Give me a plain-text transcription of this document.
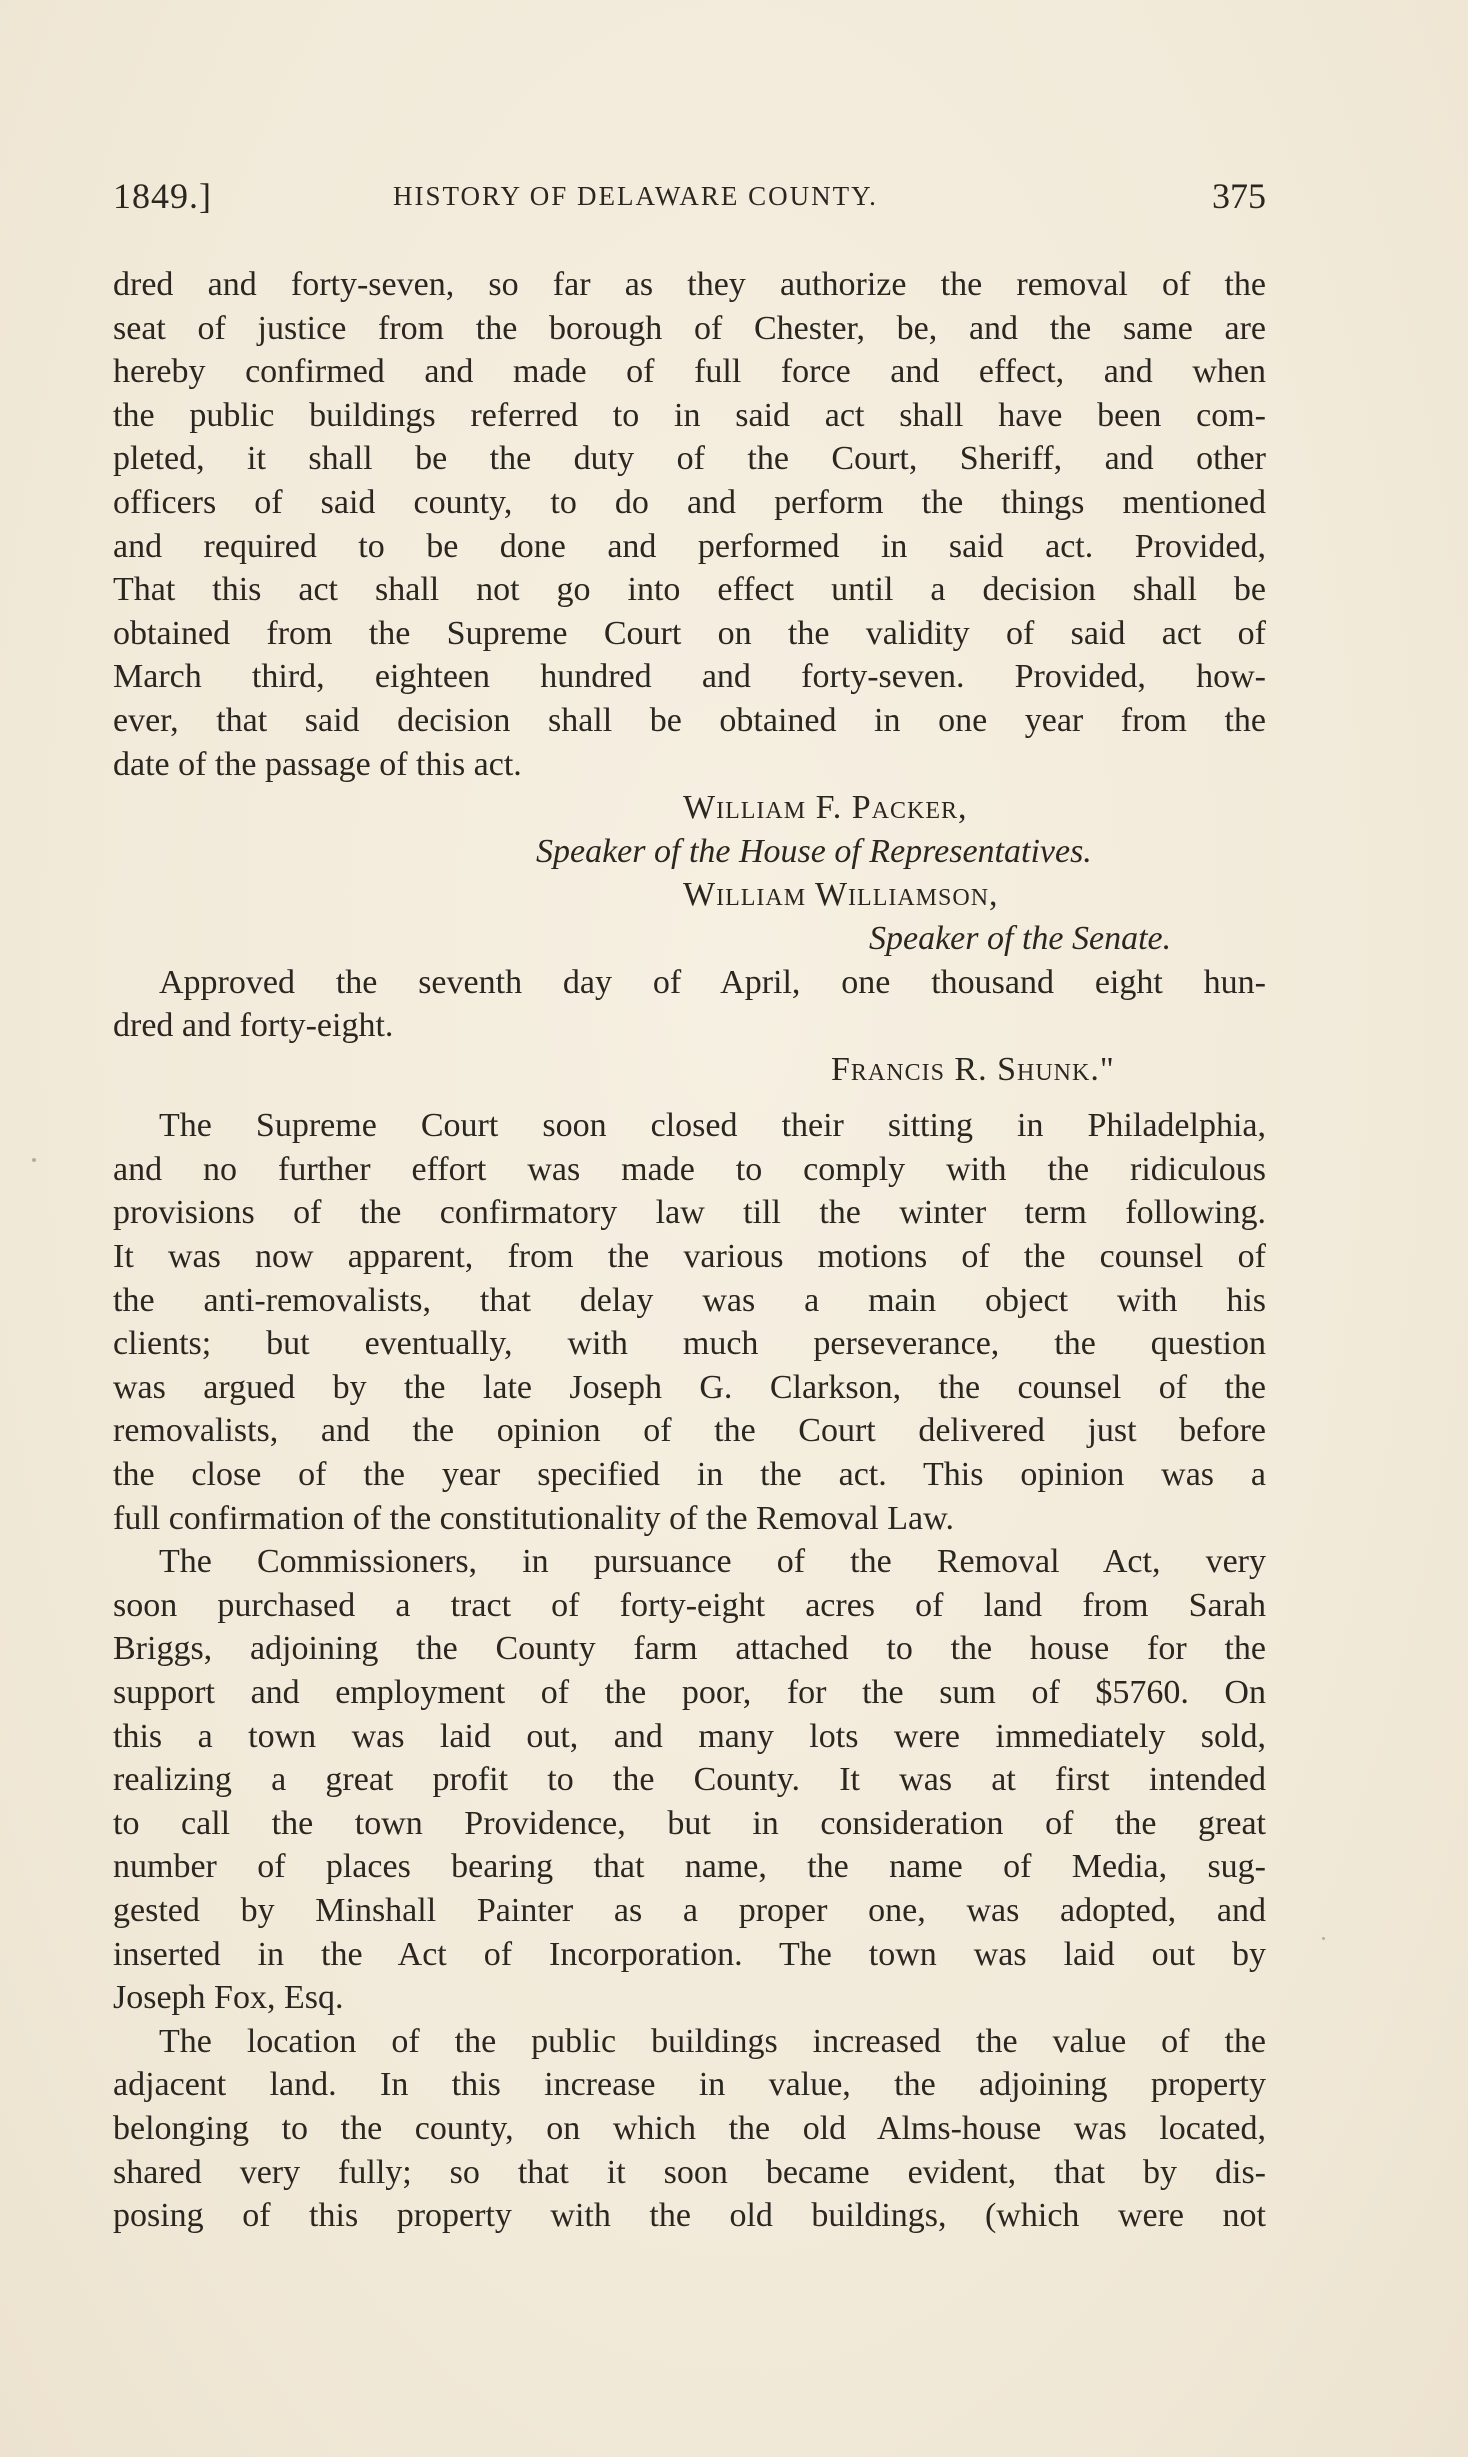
1849.]	HISTORY OF DELAWARE COUNTY.	375
dred and forty-seven, so far as they authorize the removal of the
seat of justice from the borough of Chester, be, and the same are
hereby confirmed and made of full force and effect, and when
the public buildings referred to in said act shall have been com-
pleted, it shall be the duty of the Court, Sheriff, and other
officers of said county, to do and perform the things mentioned
and required to be done and performed in said act. Provided,
That this act shall not go into effect until a decision shall be
obtained from the Supreme Court on the validity of said act of
March third, eighteen hundred and forty-seven. Provided, how-
ever, that said decision shall be obtained in one year from the
date of the passage of this act.
William F. Packer,
Speaker of the House of Representatives.
William Williamson,
Speaker of the Senate.
Approved the seventh day of April, one thousand eight hun-
dred and forty-eight.
Francis R. Shunk."
The Supreme Court soon closed their sitting in Philadelphia,
and no further effort was made to comply with the ridiculous
provisions of the confirmatory law till the winter term following.
It was now apparent, from the various motions of the counsel of
the anti-removalists, that delay was a main object with his
clients; but eventually, with much perseverance, the question
was argued by the late Joseph G. Clarkson, the counsel of the
removalists, and the opinion of the Court delivered just before
the close of the year specified in the act. This opinion was a
full confirmation of the constitutionality of the Removal Law.
The Commissioners, in pursuance of the Removal Act, very
soon purchased a tract of forty-eight acres of land from Sarah
Briggs, adjoining the County farm attached to the house for the
support and employment of the poor, for the sum of $5760. On
this a town was laid out, and many lots were immediately sold,
realizing a great profit to the County. It was at first intended
to call the town Providence, but in consideration of the great
number of places bearing that name, the name of Media, sug-
gested by Minshall Painter as a proper one, was adopted, and
inserted in the Act of Incorporation. The town was laid out by
Joseph Fox, Esq.
The location of the public buildings increased the value of the
adjacent land. In this increase in value, the adjoining property
belonging to the county, on which the old Alms-house was located,
shared very fully; so that it soon became evident, that by dis-
posing of this property with the old buildings, (which were not
